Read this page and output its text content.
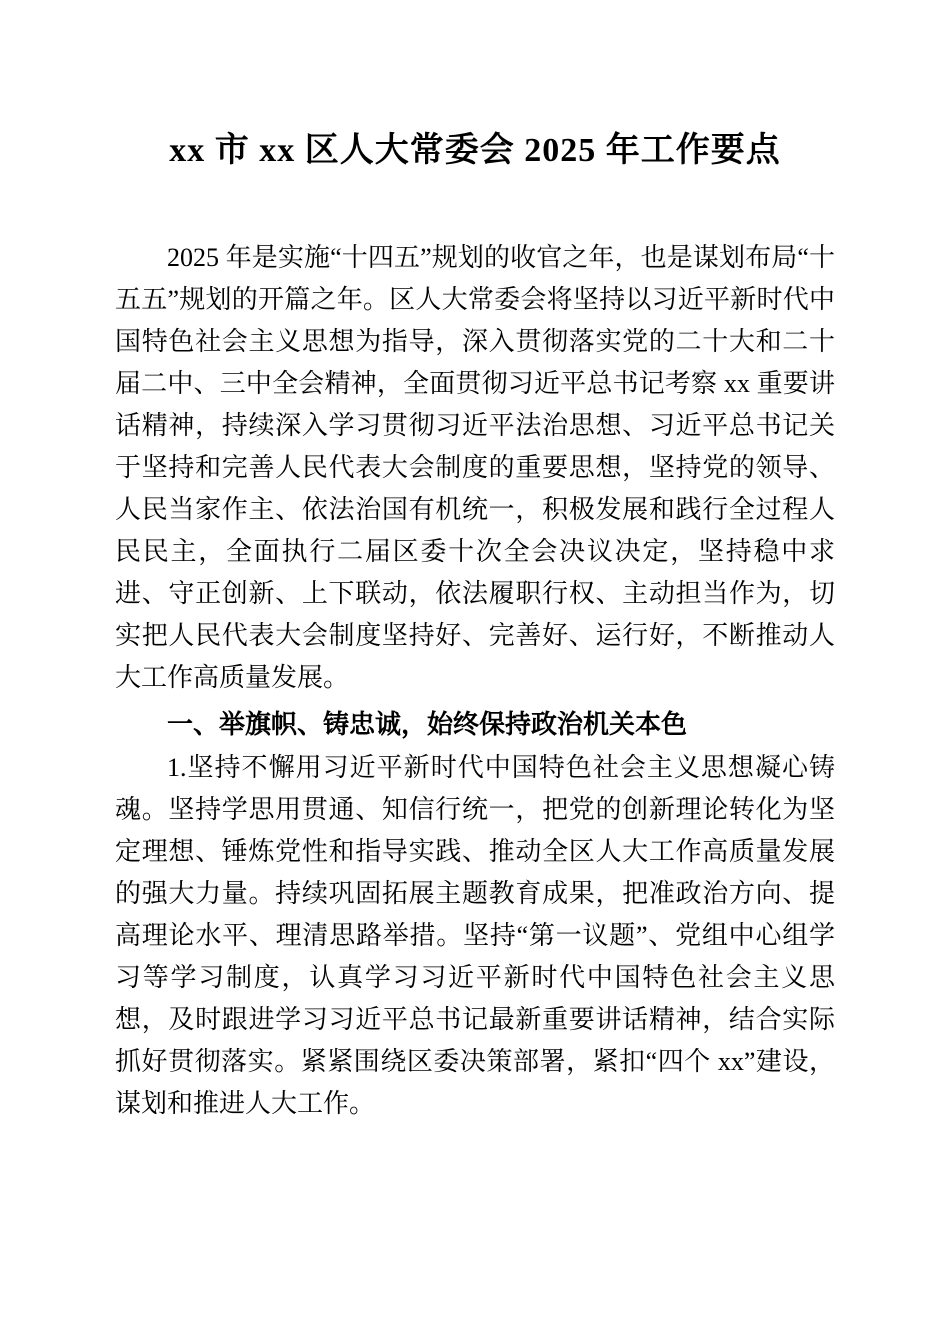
xx 市 xx 区人大常委会 2025 年工作要点

2025 年是实施“十四五”规划的收官之年，也是谋划布局“十五五”规划的开篇之年。区人大常委会将坚持以习近平新时代中国特色社会主义思想为指导，深入贯彻落实党的二十大和二十届二中、三中全会精神，全面贯彻习近平总书记考察 xx 重要讲话精神，持续深入学习贯彻习近平法治思想、习近平总书记关于坚持和完善人民代表大会制度的重要思想，坚持党的领导、人民当家作主、依法治国有机统一，积极发展和践行全过程人民民主，全面执行二届区委十次全会决议决定，坚持稳中求进、守正创新、上下联动，依法履职行权、主动担当作为，切实把人民代表大会制度坚持好、完善好、运行好，不断推动人大工作高质量发展。

一、举旗帜、铸忠诚，始终保持政治机关本色

1.坚持不懈用习近平新时代中国特色社会主义思想凝心铸魂。坚持学思用贯通、知信行统一，把党的创新理论转化为坚定理想、锤炼党性和指导实践、推动全区人大工作高质量发展的强大力量。持续巩固拓展主题教育成果，把准政治方向、提高理论水平、理清思路举措。坚持“第一议题”、党组中心组学习等学习制度，认真学习习近平新时代中国特色社会主义思想，及时跟进学习习近平总书记最新重要讲话精神，结合实际抓好贯彻落实。紧紧围绕区委决策部署，紧扣“四个 xx”建设，谋划和推进人大工作。
